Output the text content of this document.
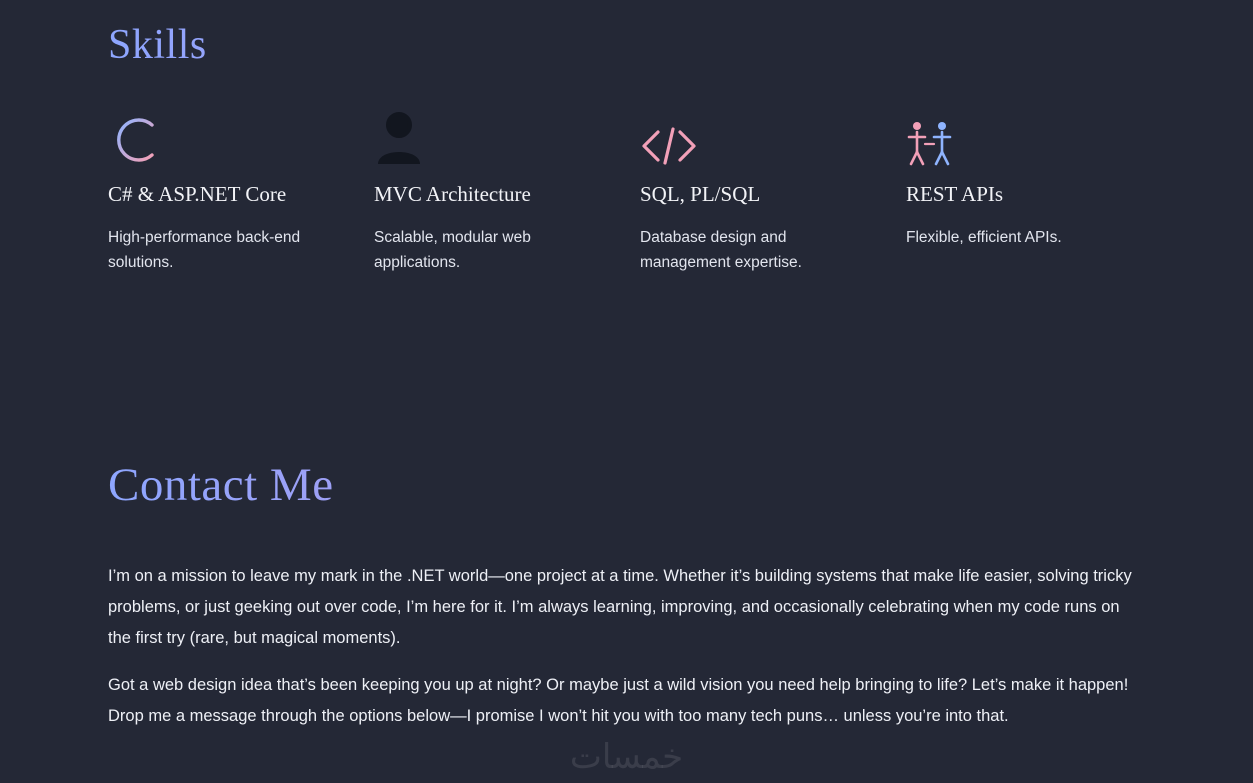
Skills
C# & ASP.NET Core

High-performance back-end solutions.

MVC Architecture

Scalable, modular web applications.

SQL, PL/SQL

Database design and management expertise.

REST APIs

Flexible, efficient APIs.

Contact Me

I’m on a mission to leave my mark in the .NET world—one project at a time. Whether it’s building systems that make life easier, solving tricky problems, or just geeking out over code, I’m here for it. I’m always learning, improving, and occasionally celebrating when my code runs on the first try (rare, but magical moments).

Got a web design idea that’s been keeping you up at night? Or maybe just a wild vision you need help bringing to life? Let’s make it happen! Drop me a message through the options below—I promise I won’t hit you with too many tech puns… unless you’re into that.

خمسات
